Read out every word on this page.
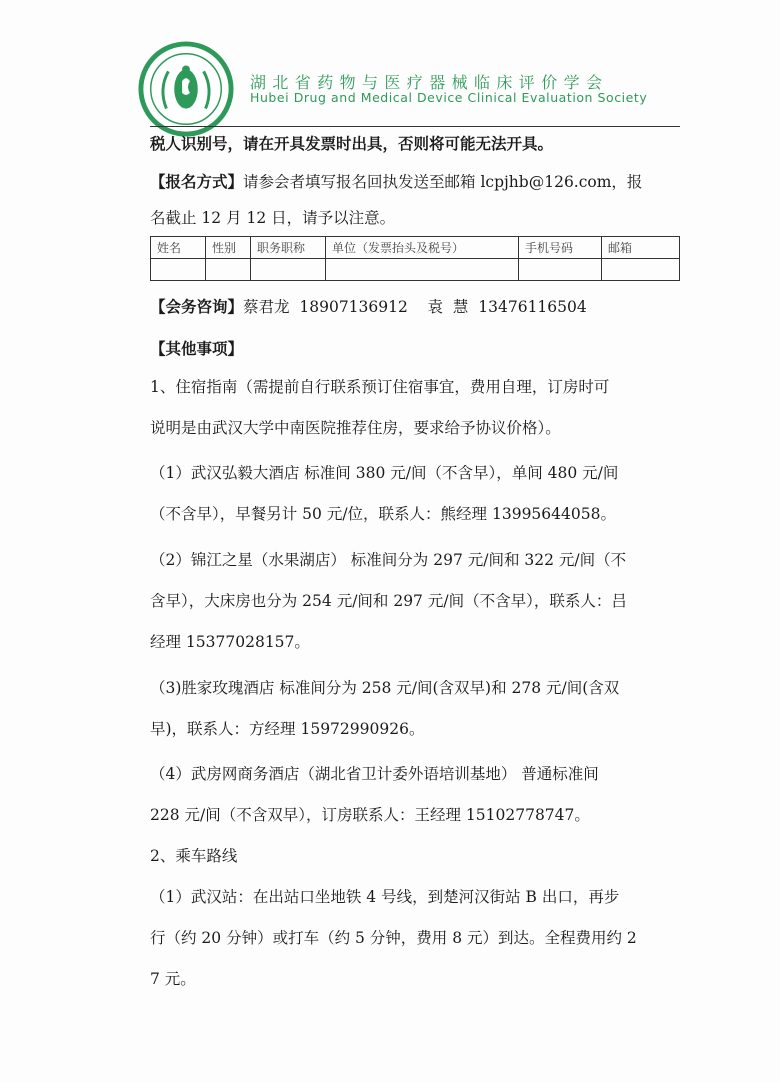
湖北省药物与医疗器械临床评价学会
Hubei Drug and Medical Device Clinical Evaluation Society
税人识别号，请在开具发票时出具，否则将可能无法开具。
【报名方式】请参会者填写报名回执发送至邮箱 lcpjhb@126.com，报
名截止 12 月 12 日，请予以注意。
姓名	性别	职务职称	单位（发票抬头及税号）	手机号码	邮箱

【会务咨询】蔡君龙  18907136912    袁  慧  13476116504
【其他事项】
1、住宿指南（需提前自行联系预订住宿事宜，费用自理，订房时可
说明是由武汉大学中南医院推荐住房，要求给予协议价格）。
（1）武汉弘毅大酒店 标准间 380 元/间（不含早），单间 480 元/间
（不含早），早餐另计 50 元/位，联系人：熊经理 13995644058。
（2）锦江之星（水果湖店） 标准间分为 297 元/间和 322 元/间（不
含早），大床房也分为 254 元/间和 297 元/间（不含早），联系人：吕
经理 15377028157。
（3)胜家玫瑰酒店 标准间分为 258 元/间(含双早)和 278 元/间(含双
早)，联系人：方经理 15972990926。
（4）武房网商务酒店（湖北省卫计委外语培训基地） 普通标准间
228 元/间（不含双早），订房联系人：王经理 15102778747。
2、乘车路线
（1）武汉站：在出站口坐地铁 4 号线，到楚河汉街站 B 出口，再步
行（约 20 分钟）或打车（约 5 分钟，费用 8 元）到达。全程费用约 2
7 元。
